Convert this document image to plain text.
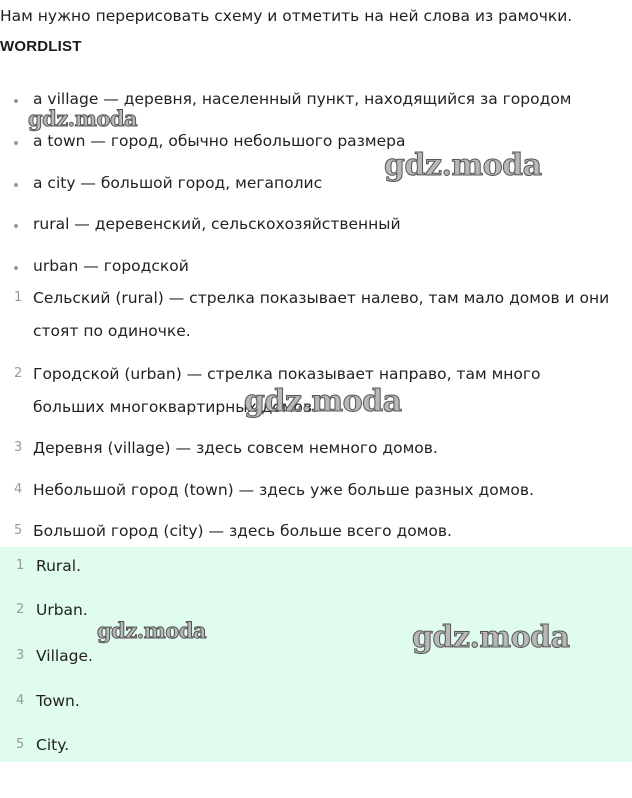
Нам нужно перерисовать схему и отметить на ней слова из рамочки.
WORDLIST
a village — деревня, населенный пункт, находящийся за городом
a town — город, обычно небольшого размера
a city — большой город, мегаполис
rural — деревенский, сельскохозяйственный
urban — городской
1 Сельский (rural) — стрелка показывает налево, там мало домов и они стоят по одиночке.
2 Городской (urban) — стрелка показывает направо, там много больших многоквартирных домов.
3 Деревня (village) — здесь совсем немного домов.
4 Небольшой город (town) — здесь уже больше разных домов.
5 Большой город (city) — здесь больше всего домов.
1 Rural.
2 Urban.
3 Village.
4 Town.
5 City.
gdz.moda
gdz.moda
gdz.moda
gdz.moda	gdz.moda
